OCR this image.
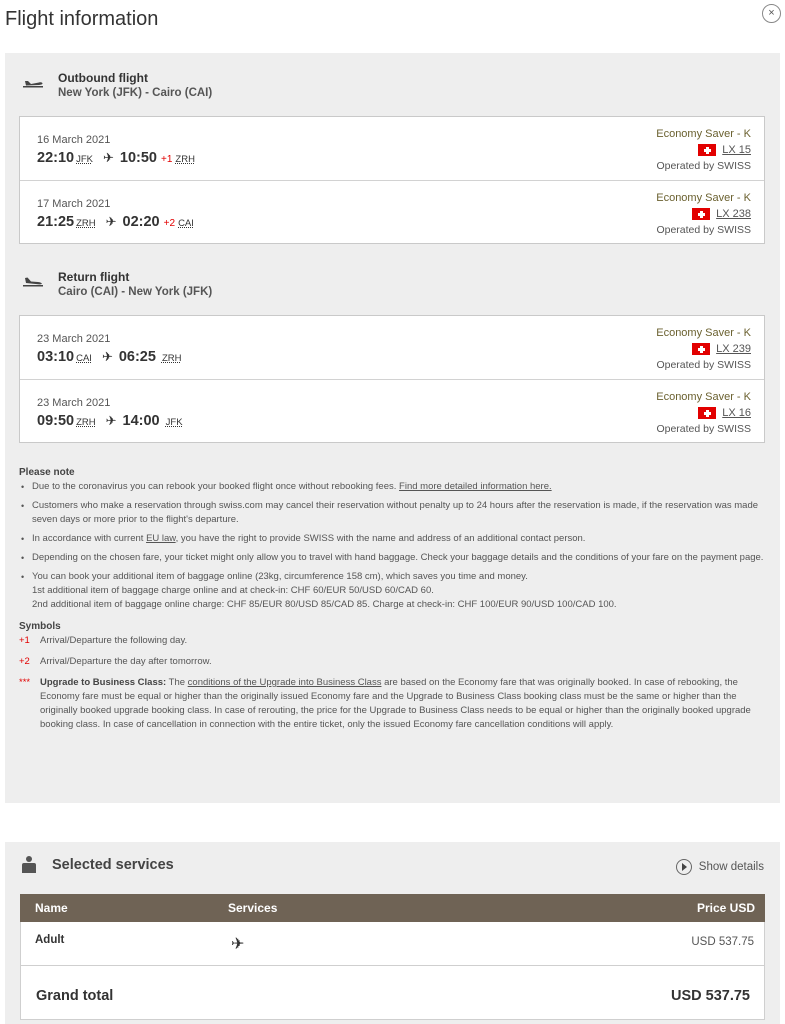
Flight information	×
Outbound flight
New York (JFK) - Cairo (CAI)
16 March 2021
22:10 JFK ✈ 10:50 +1 ZRH
Economy Saver - K
LX 15
Operated by SWISS
17 March 2021
21:25 ZRH ✈ 02:20 +2 CAI
Economy Saver - K
LX 238
Operated by SWISS
Return flight
Cairo (CAI) - New York (JFK)
23 March 2021
03:10 CAI ✈ 06:25 ZRH
Economy Saver - K
LX 239
Operated by SWISS
23 March 2021
09:50 ZRH ✈ 14:00 JFK
Economy Saver - K
LX 16
Operated by SWISS
Please note
• Due to the coronavirus you can rebook your booked flight once without rebooking fees. Find more detailed information here.
• Customers who make a reservation through swiss.com may cancel their reservation without penalty up to 24 hours after the reservation is made, if the reservation was made seven days or more prior to the flight's departure.
• In accordance with current EU law, you have the right to provide SWISS with the name and address of an additional contact person.
• Depending on the chosen fare, your ticket might only allow you to travel with hand baggage. Check your baggage details and the conditions of your fare on the payment page.
• You can book your additional item of baggage online (23kg, circumference 158 cm), which saves you time and money.
1st additional item of baggage charge online and at check-in: CHF 60/EUR 50/USD 60/CAD 60.
2nd additional item of baggage online charge: CHF 85/EUR 80/USD 85/CAD 85. Charge at check-in: CHF 100/EUR 90/USD 100/CAD 100.
Symbols
+1	Arrival/Departure the following day.
+2	Arrival/Departure the day after tomorrow.
***	Upgrade to Business Class: The conditions of the Upgrade into Business Class are based on the Economy fare that was originally booked. In case of rebooking, the Economy fare must be equal or higher than the originally issued Economy fare and the Upgrade to Business Class booking class must be the same or higher than the originally booked upgrade booking class. In case of rerouting, the price for the Upgrade to Business Class needs to be equal or higher than the originally booked upgrade booking class. In case of cancellation in connection with the entire ticket, only the issued Economy fare cancellation conditions will apply.
Selected services	Show details
Name	Services	Price USD
Adult	✈	USD 537.75
Grand total	USD 537.75
